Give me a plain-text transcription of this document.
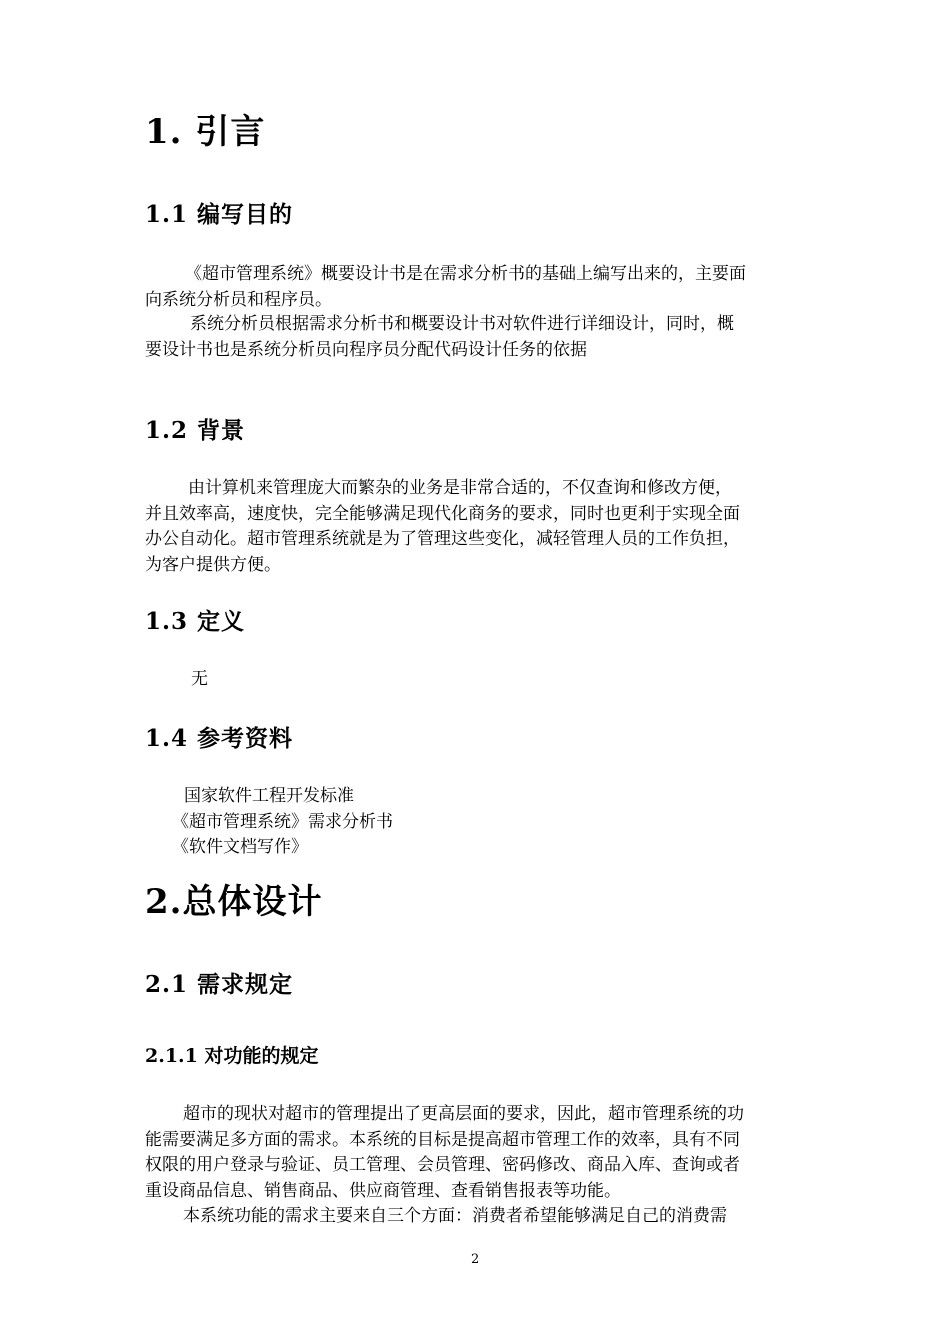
1. 引言
1.1 编写目的
《超市管理系统》概要设计书是在需求分析书的基础上编写出来的，主要面
向系统分析员和程序员。
系统分析员根据需求分析书和概要设计书对软件进行详细设计，同时，概
要设计书也是系统分析员向程序员分配代码设计任务的依据
1.2 背景
由计算机来管理庞大而繁杂的业务是非常合适的，不仅查询和修改方便，
并且效率高，速度快，完全能够满足现代化商务的要求，同时也更利于实现全面
办公自动化。超市管理系统就是为了管理这些变化，减轻管理人员的工作负担，
为客户提供方便。
1.3 定义
无
1.4 参考资料
国家软件工程开发标准
《超市管理系统》需求分析书
《软件文档写作》
2.总体设计
2.1 需求规定
2.1.1 对功能的规定
超市的现状对超市的管理提出了更高层面的要求，因此，超市管理系统的功
能需要满足多方面的需求。本系统的目标是提高超市管理工作的效率，具有不同
权限的用户登录与验证、员工管理、会员管理、密码修改、商品入库、查询或者
重设商品信息、销售商品、供应商管理、查看销售报表等功能。
本系统功能的需求主要来自三个方面：消费者希望能够满足自己的消费需
2
